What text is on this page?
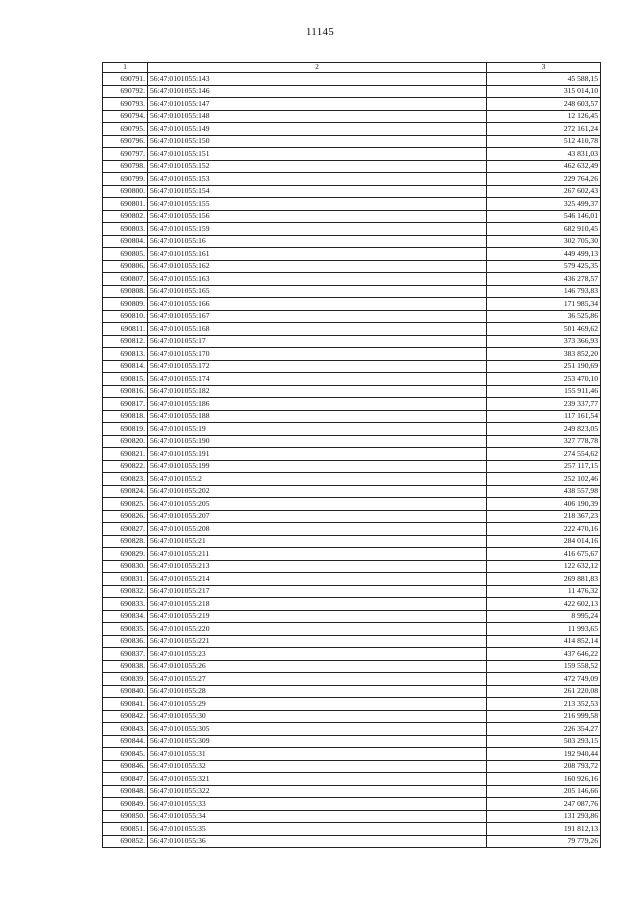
11145
1	2	3
690791.	56:47:0101055:143	45 588,15
690792.	56:47:0101055:146	315 014,10
690793.	56:47:0101055:147	248 603,57
690794.	56:47:0101055:148	12 126,45
690795.	56:47:0101055:149	272 161,24
690796.	56:47:0101055:150	512 410,78
690797.	56:47:0101055:151	43 831,03
690798.	56:47:0101055:152	462 632,49
690799.	56:47:0101055:153	229 764,26
690800.	56:47:0101055:154	267 602,43
690801.	56:47:0101055:155	325 499,37
690802.	56:47:0101055:156	546 146,01
690803.	56:47:0101055:159	682 910,45
690804.	56:47:0101055:16	302 705,30
690805.	56:47:0101055:161	449 499,13
690806.	56:47:0101055:162	579 425,35
690807.	56:47:0101055:163	436 278,57
690808.	56:47:0101055:165	146 793,83
690809.	56:47:0101055:166	171 985,34
690810.	56:47:0101055:167	36 525,86
690811.	56:47:0101055:168	501 469,62
690812.	56:47:0101055:17	373 366,93
690813.	56:47:0101055:170	383 852,20
690814.	56:47:0101055:172	251 190,69
690815.	56:47:0101055:174	253 470,10
690816.	56:47:0101055:182	155 911,46
690817.	56:47:0101055:186	239 337,77
690818.	56:47:0101055:188	117 161,54
690819.	56:47:0101055:19	249 823,05
690820.	56:47:0101055:190	327 778,78
690821.	56:47:0101055:191	274 554,62
690822.	56:47:0101055:199	257 117,15
690823.	56:47:0101055:2	252 102,46
690824.	56:47:0101055:202	438 557,98
690825.	56:47:0101055:205	406 190,39
690826.	56:47:0101055:207	218 367,23
690827.	56:47:0101055:208	222 470,16
690828.	56:47:0101055:21	284 014,16
690829.	56:47:0101055:211	416 675,67
690830.	56:47:0101055:213	122 632,12
690831.	56:47:0101055:214	269 881,83
690832.	56:47:0101055:217	11 476,32
690833.	56:47:0101055:218	422 602,13
690834.	56:47:0101055:219	8 995,24
690835.	56:47:0101055:220	11 993,65
690836.	56:47:0101055:221	414 852,14
690837.	56:47:0101055:23	437 646,22
690838.	56:47:0101055:26	159 558,52
690839.	56:47:0101055:27	472 749,09
690840.	56:47:0101055:28	261 220,08
690841.	56:47:0101055:29	213 352,53
690842.	56:47:0101055:30	216 999,58
690843.	56:47:0101055:305	226 354,27
690844.	56:47:0101055:309	503 293,15
690845.	56:47:0101055:31	192 940,44
690846.	56:47:0101055:32	208 793,72
690847.	56:47:0101055:321	160 926,16
690848.	56:47:0101055:322	205 146,66
690849.	56:47:0101055:33	247 087,76
690850.	56:47:0101055:34	131 293,86
690851.	56:47:0101055:35	191 812,13
690852.	56:47:0101055:36	79 779,26
